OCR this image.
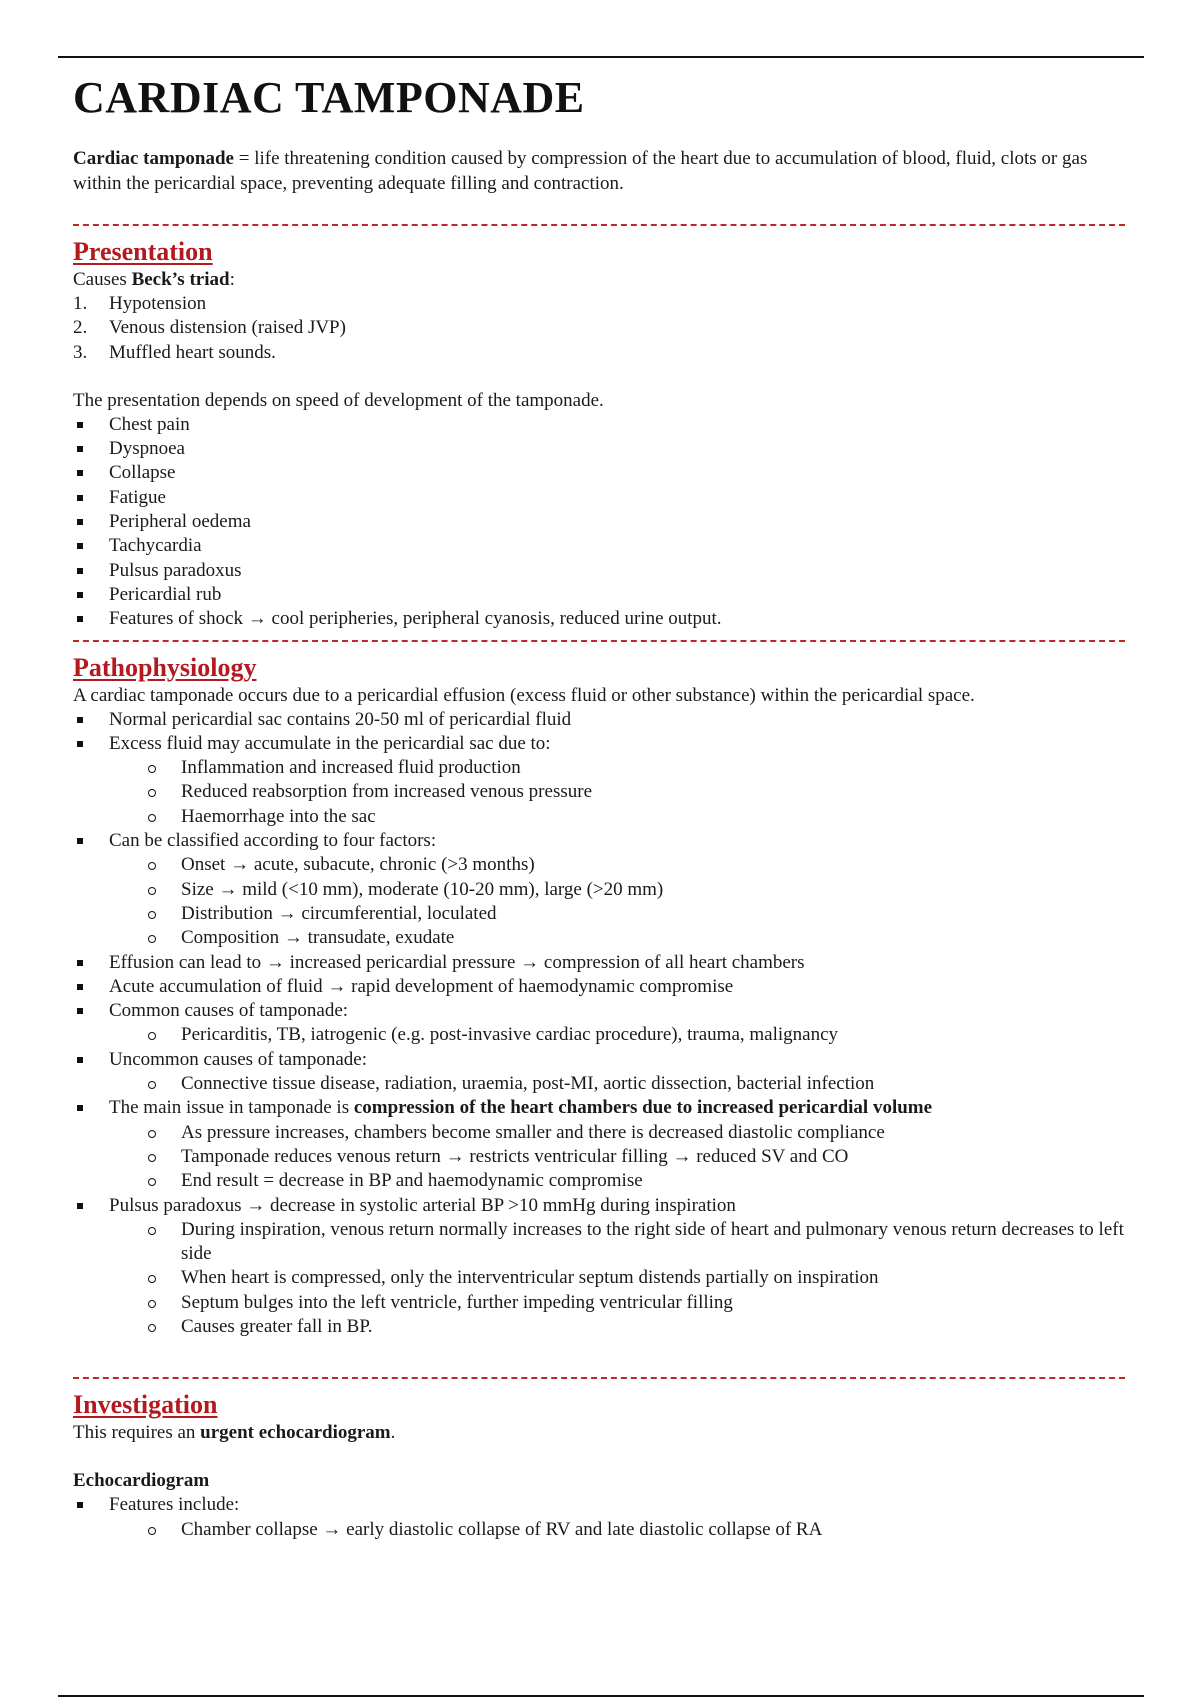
CARDIAC TAMPONADE

Cardiac tamponade = life threatening condition caused by compression of the heart due to accumulation of blood, fluid, clots or gas within the pericardial space, preventing adequate filling and contraction.

Presentation

Causes Beck’s triad:

1. Hypotension
2. Venous distension (raised JVP)
3. Muffled heart sounds.

The presentation depends on speed of development of the tamponade.

Chest pain
Dyspnoea
Collapse
Fatigue
Peripheral oedema
Tachycardia
Pulsus paradoxus
Pericardial rub
Features of shock → cool peripheries, peripheral cyanosis, reduced urine output.
Pathophysiology

A cardiac tamponade occurs due to a pericardial effusion (excess fluid or other substance) within the pericardial space.

Normal pericardial sac contains 20-50 ml of pericardial fluid
Excess fluid may accumulate in the pericardial sac due to:
Inflammation and increased fluid production
Reduced reabsorption from increased venous pressure
Haemorrhage into the sac
Can be classified according to four factors:
Onset → acute, subacute, chronic (>3 months)
Size → mild (<10 mm), moderate (10-20 mm), large (>20 mm)
Distribution → circumferential, loculated
Composition → transudate, exudate
Effusion can lead to → increased pericardial pressure → compression of all heart chambers
Acute accumulation of fluid → rapid development of haemodynamic compromise
Common causes of tamponade:
Pericarditis, TB, iatrogenic (e.g. post-invasive cardiac procedure), trauma, malignancy
Uncommon causes of tamponade:
Connective tissue disease, radiation, uraemia, post-MI, aortic dissection, bacterial infection
The main issue in tamponade is compression of the heart chambers due to increased pericardial volume
As pressure increases, chambers become smaller and there is decreased diastolic compliance
Tamponade reduces venous return → restricts ventricular filling → reduced SV and CO
End result = decrease in BP and haemodynamic compromise
Pulsus paradoxus → decrease in systolic arterial BP >10 mmHg during inspiration
During inspiration, venous return normally increases to the right side of heart and pulmonary venous return decreases to left side
When heart is compressed, only the interventricular septum distends partially on inspiration
Septum bulges into the left ventricle, further impeding ventricular filling
Causes greater fall in BP.
Investigation

This requires an urgent echocardiogram.

Echocardiogram

Features include:
Chamber collapse → early diastolic collapse of RV and late diastolic collapse of RA
